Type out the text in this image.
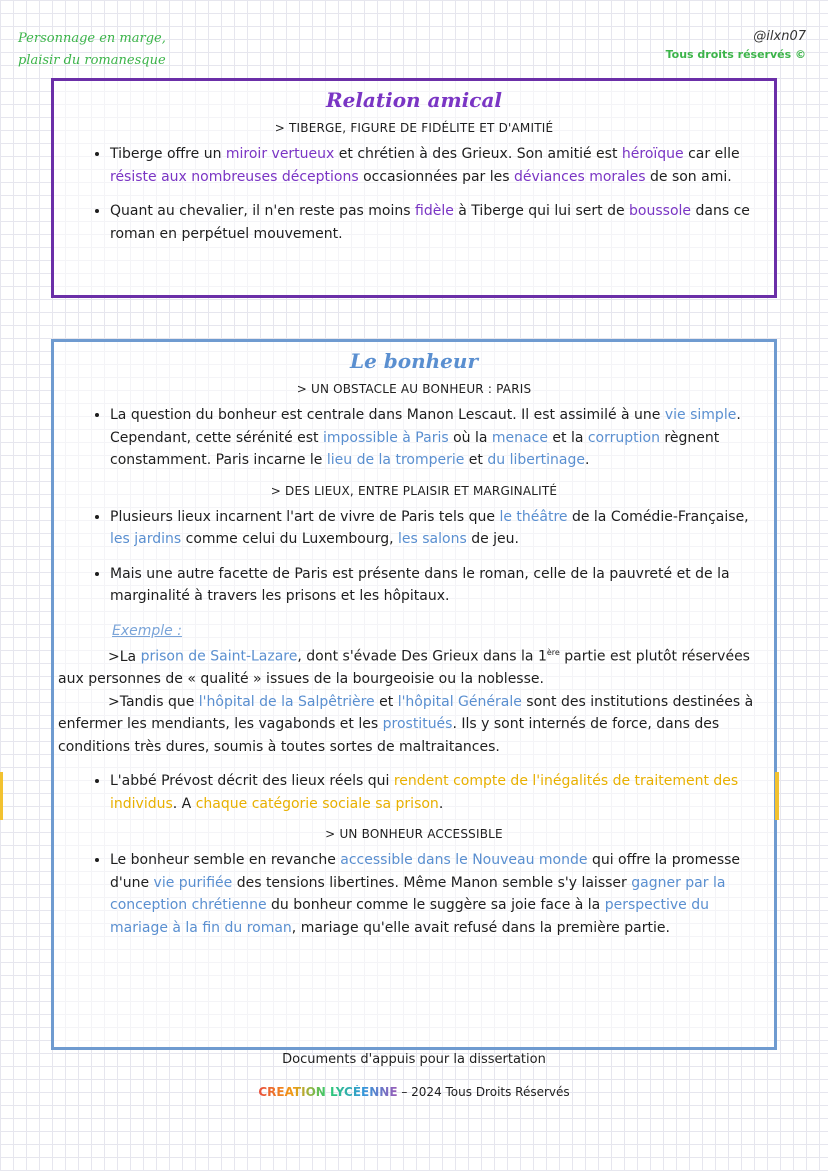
Personnage en marge,
plaisir du romanesque
@ilxn07
Tous droits réservés ©
Relation amical
> TIBERGE, FIGURE DE FIDÉLITE ET D'AMITIÉ
• Tiberge offre un miroir vertueux et chrétien à des Grieux. Son amitié est héroïque car elle résiste aux nombreuses déceptions occasionnées par les déviances morales de son ami.
• Quant au chevalier, il n'en reste pas moins fidèle à Tiberge qui lui sert de boussole dans ce roman en perpétuel mouvement.
Le bonheur
> UN OBSTACLE AU BONHEUR : PARIS
• La question du bonheur est centrale dans Manon Lescaut. Il est assimilé à une vie simple. Cependant, cette sérénité est impossible à Paris où la menace et la corruption règnent constamment. Paris incarne le lieu de la tromperie et du libertinage.
> DES LIEUX, ENTRE PLAISIR ET MARGINALITÉ
• Plusieurs lieux incarnent l'art de vivre de Paris tels que le théâtre de la Comédie-Française, les jardins comme celui du Luxembourg, les salons de jeu.
• Mais une autre facette de Paris est présente dans le roman, celle de la pauvreté et de la marginalité à travers les prisons et les hôpitaux.
Exemple :
>La prison de Saint-Lazare, dont s'évade Des Grieux dans la 1ère partie est plutôt réservées aux personnes de « qualité » issues de la bourgeoisie ou la noblesse.
>Tandis que l'hôpital de la Salpêtrière et l'hôpital Générale sont des institutions destinées à enfermer les mendiants, les vagabonds et les prostitués. Ils y sont internés de force, dans des conditions très dures, soumis à toutes sortes de maltraitances.
• L'abbé Prévost décrit des lieux réels qui rendent compte de l'inégalités de traitement des individus. A chaque catégorie sociale sa prison.
> UN BONHEUR ACCESSIBLE
• Le bonheur semble en revanche accessible dans le Nouveau monde qui offre la promesse d'une vie purifiée des tensions libertines. Même Manon semble s'y laisser gagner par la conception chrétienne du bonheur comme le suggère sa joie face à la perspective du mariage à la fin du roman, mariage qu'elle avait refusé dans la première partie.
Documents d'appuis pour la dissertation
CREATION LYCÉENNE – 2024 Tous Droits Réservés
